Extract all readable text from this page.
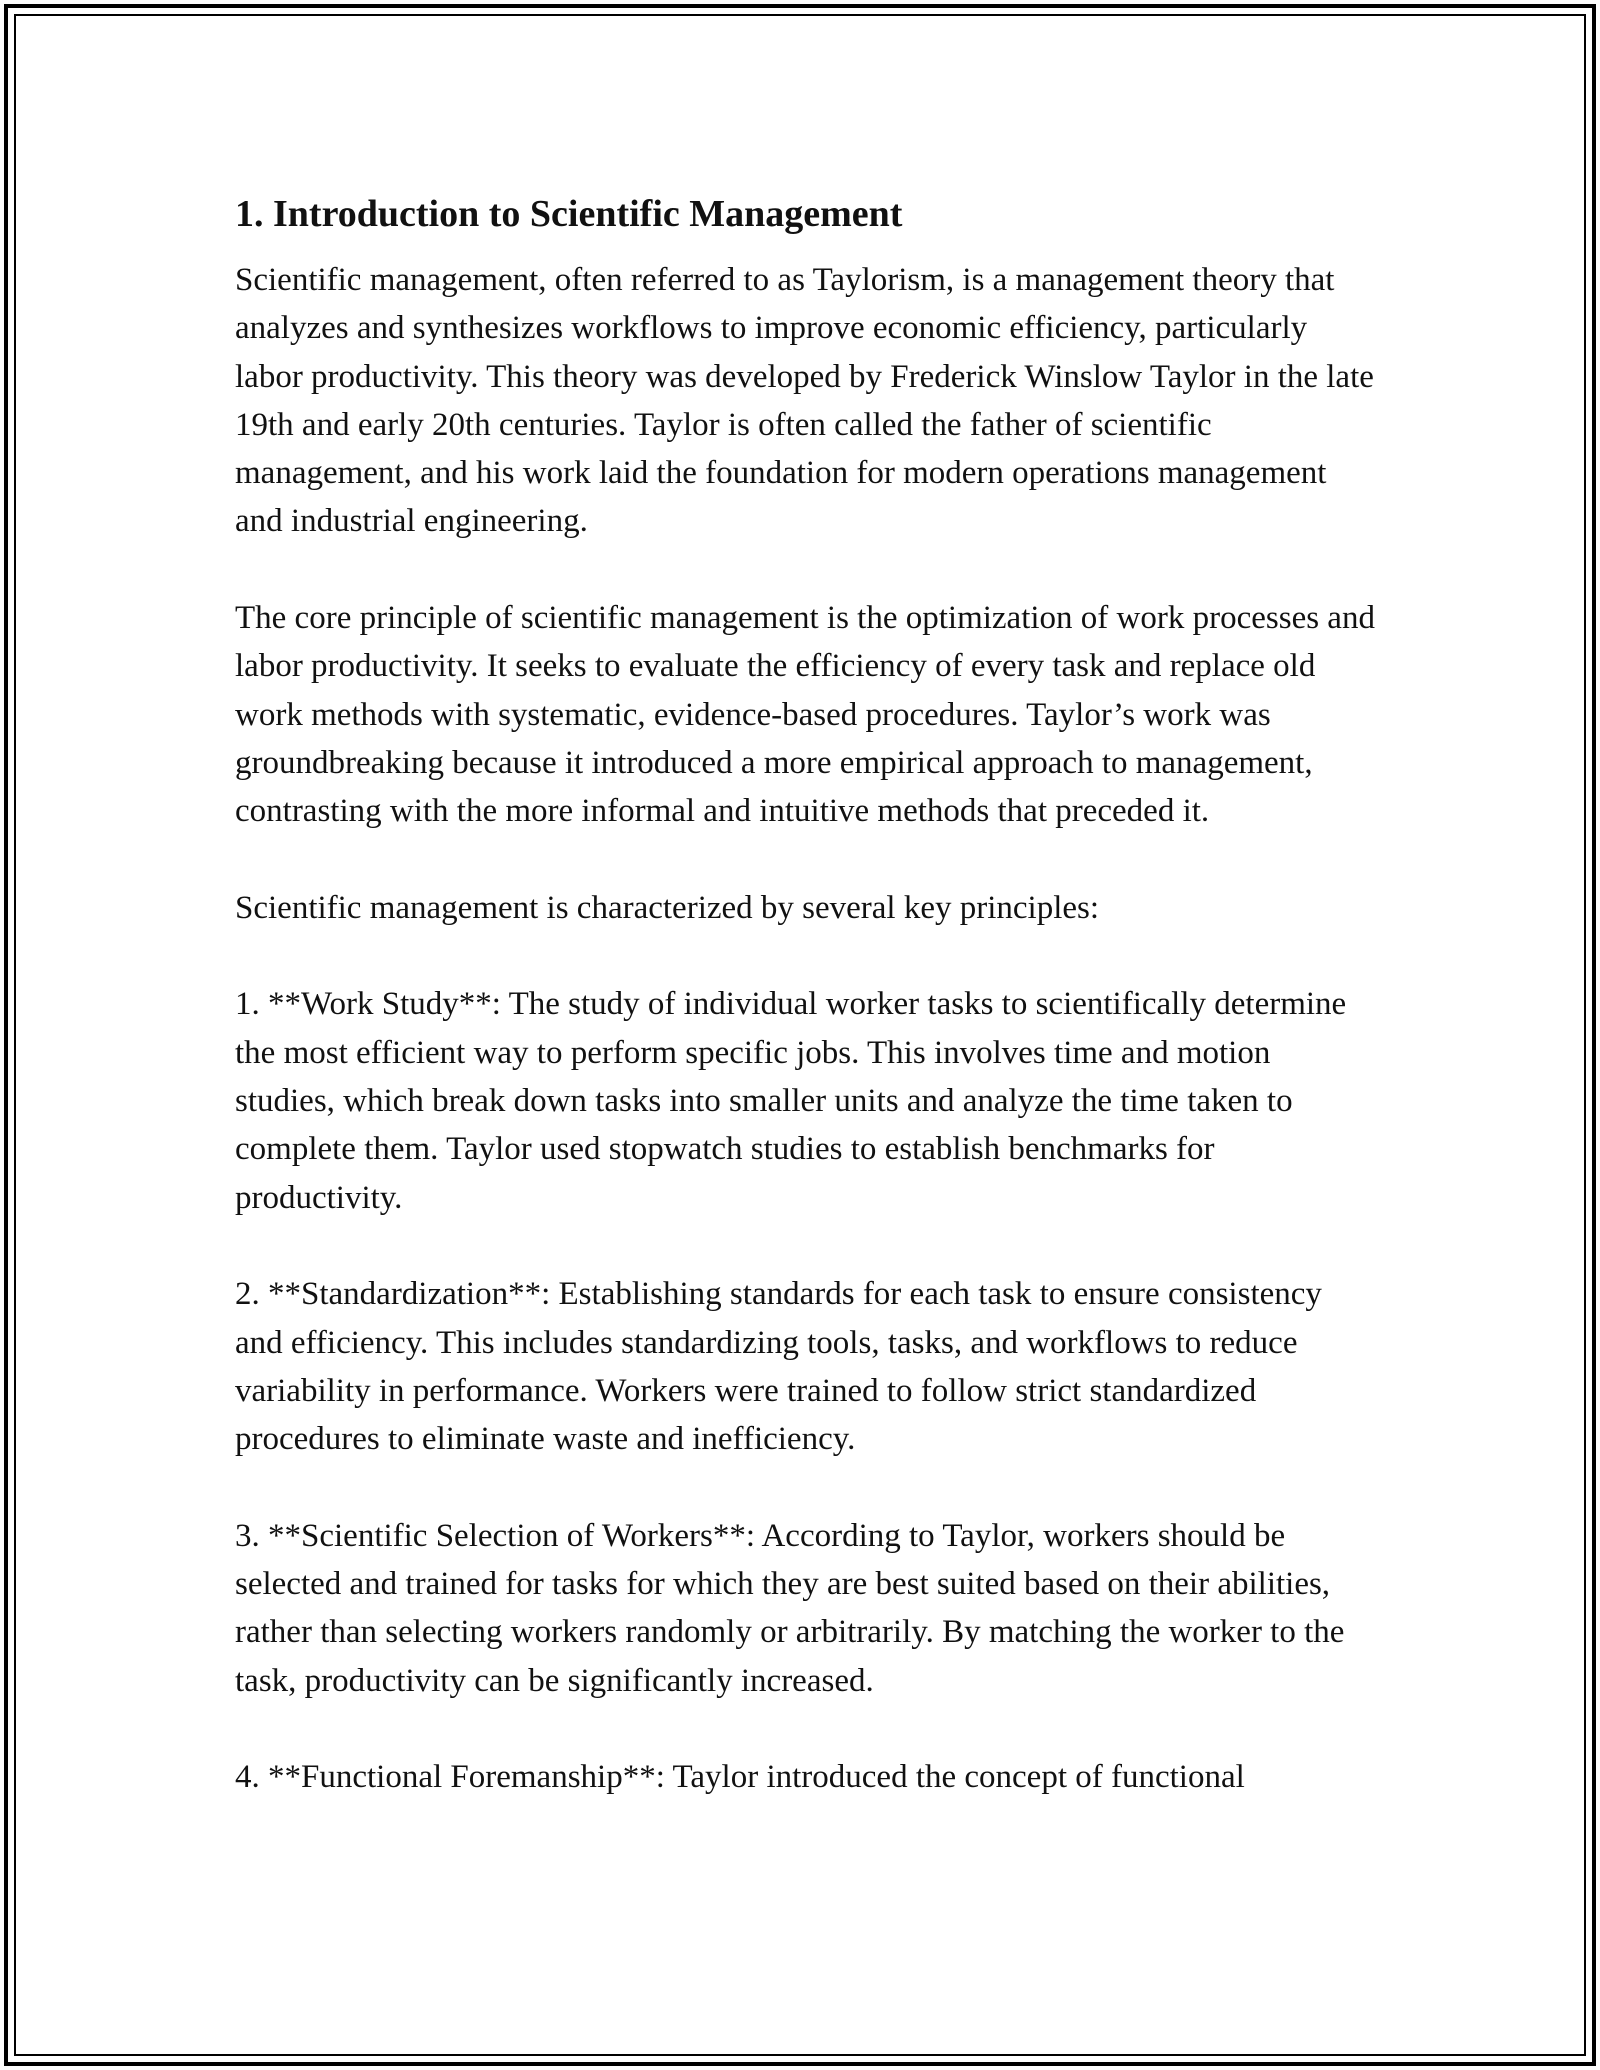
1. Introduction to Scientific Management

Scientific management, often referred to as Taylorism, is a management theory that analyzes and synthesizes workflows to improve economic efficiency, particularly labor productivity. This theory was developed by Frederick Winslow Taylor in the late 19th and early 20th centuries. Taylor is often called the father of scientific management, and his work laid the foundation for modern operations management and industrial engineering.

The core principle of scientific management is the optimization of work processes and labor productivity. It seeks to evaluate the efficiency of every task and replace old work methods with systematic, evidence-based procedures. Taylor’s work was groundbreaking because it introduced a more empirical approach to management, contrasting with the more informal and intuitive methods that preceded it.

Scientific management is characterized by several key principles:

1. **Work Study**: The study of individual worker tasks to scientifically determine the most efficient way to perform specific jobs. This involves time and motion studies, which break down tasks into smaller units and analyze the time taken to complete them. Taylor used stopwatch studies to establish benchmarks for productivity.

2. **Standardization**: Establishing standards for each task to ensure consistency and efficiency. This includes standardizing tools, tasks, and workflows to reduce variability in performance. Workers were trained to follow strict standardized procedures to eliminate waste and inefficiency.

3. **Scientific Selection of Workers**: According to Taylor, workers should be selected and trained for tasks for which they are best suited based on their abilities, rather than selecting workers randomly or arbitrarily. By matching the worker to the task, productivity can be significantly increased.

4. **Functional Foremanship**: Taylor introduced the concept of functional
